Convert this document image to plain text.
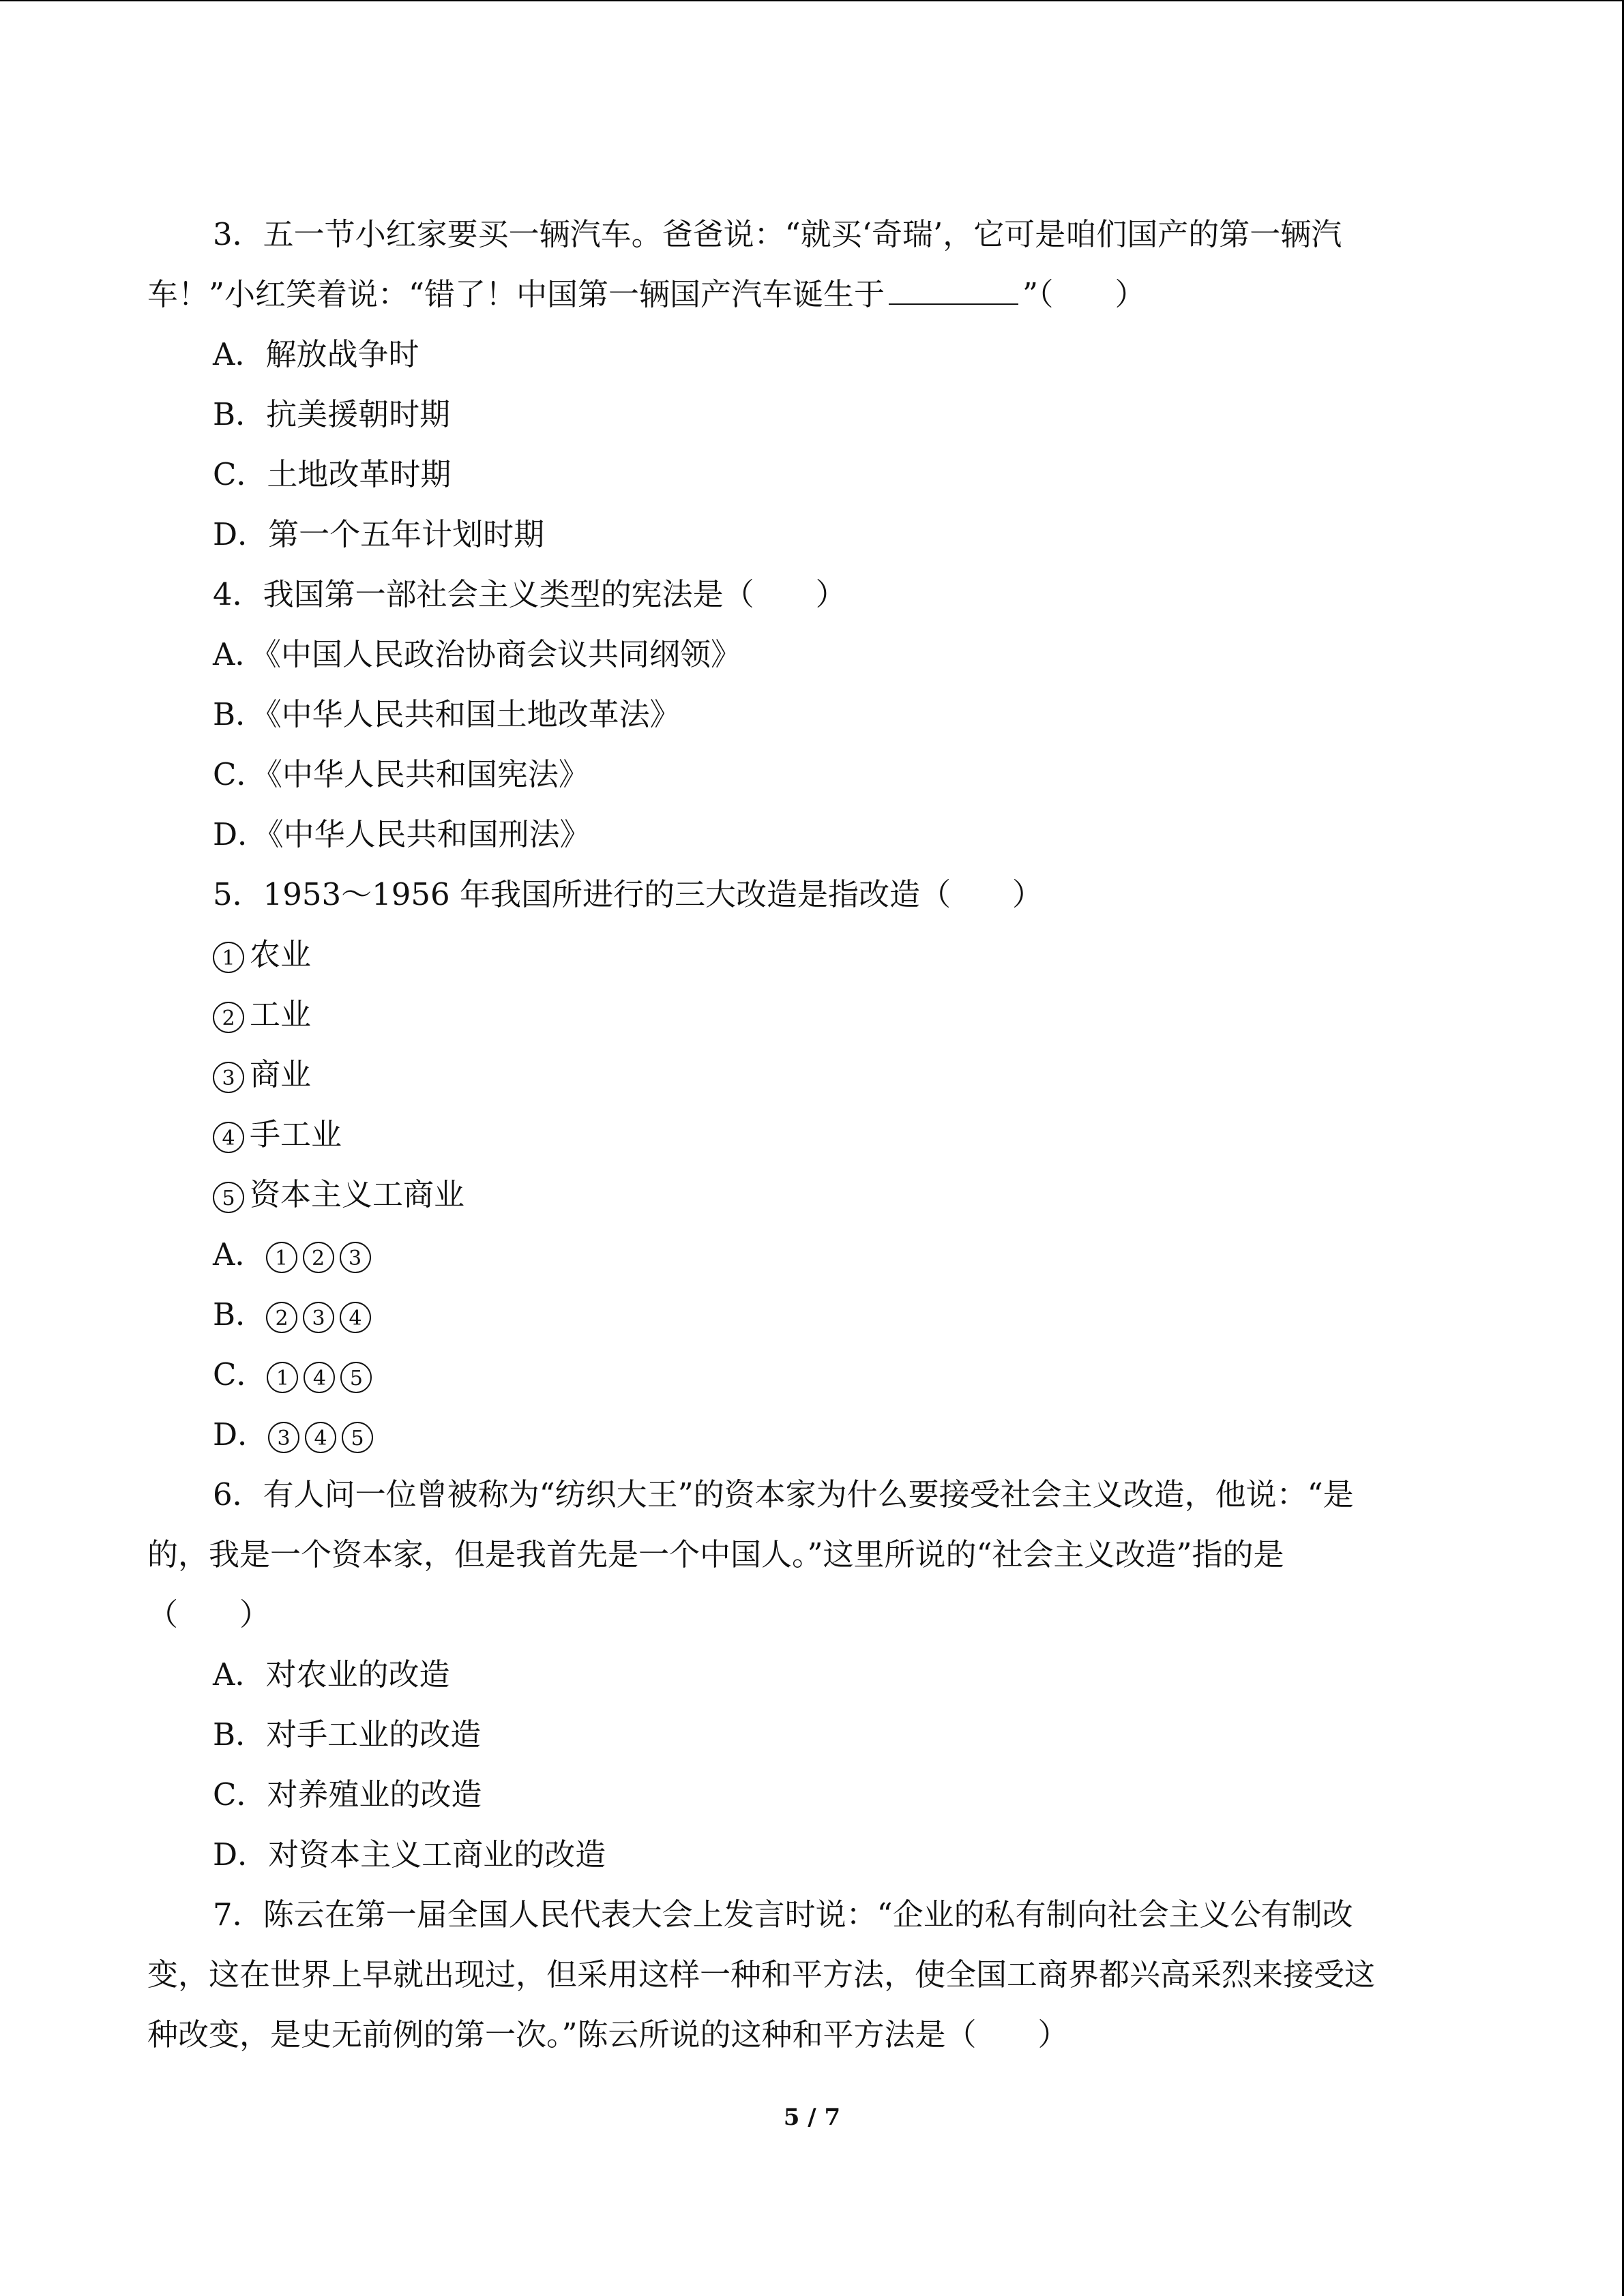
3．五一节小红家要买一辆汽车。爸爸说：“就买‘奇瑞’，它可是咱们国产的第一辆汽
车！”小红笑着说：“错了！中国第一辆国产汽车诞生于	”（　　）
A．解放战争时
B．抗美援朝时期
C．土地改革时期
D．第一个五年计划时期
4．我国第一部社会主义类型的宪法是（　　）
A．《中国人民政治协商会议共同纲领》
B．《中华人民共和国土地改革法》
C．《中华人民共和国宪法》
D．《中华人民共和国刑法》
5．1953～1956 年我国所进行的三大改造是指改造（　　）
1 农业
2 工业
3 商业
4 手工业
5 资本主义工商业
A． 1 2 3
B． 2 3 4
C． 1 4 5
D． 3 4 5
6．有人问一位曾被称为“纺织大王”的资本家为什么要接受社会主义改造，他说：“是
的，我是一个资本家，但是我首先是一个中国人。”这里所说的“社会主义改造”指的是
（　　）
A．对农业的改造
B．对手工业的改造
C．对养殖业的改造
D．对资本主义工商业的改造
7．陈云在第一届全国人民代表大会上发言时说：“企业的私有制向社会主义公有制改
变，这在世界上早就出现过，但采用这样一种和平方法，使全国工商界都兴高采烈来接受这
种改变，是史无前例的第一次。”陈云所说的这种和平方法是（　　）
5 / 7
